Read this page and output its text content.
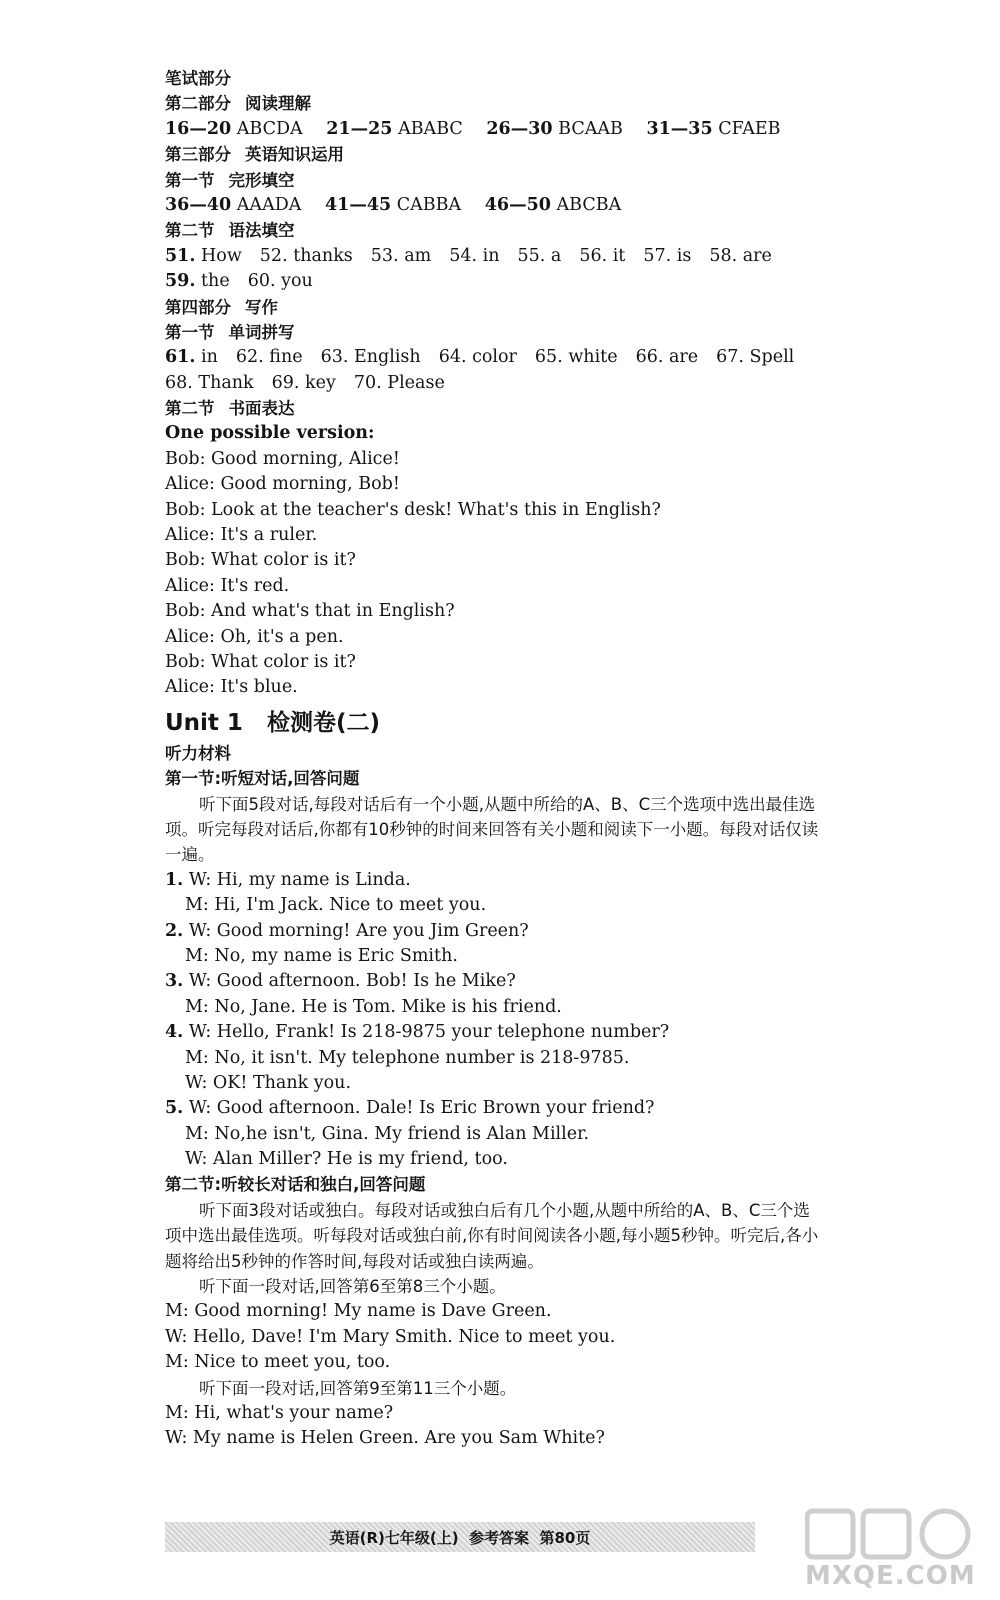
笔试部分
第二部分 阅读理解
16—20 ABCDA 21—25 ABABC 26—30 BCAAB 31—35 CFAEB
第三部分 英语知识运用
第一节 完形填空
36—40 AAADA 41—45 CABBA 46—50 ABCBA
第二节 语法填空
51. How 52. thanks 53. am 54. in 55. a 56. it 57. is 58. are
59. the 60. you
第四部分 写作
第一节 单词拼写
61. in 62. fine 63. English 64. color 65. white 66. are 67. Spell
68. Thank 69. key 70. Please
第二节 书面表达
One possible version:
Bob: Good morning, Alice!
Alice: Good morning, Bob!
Bob: Look at the teacher's desk! What's this in English?
Alice: It's a ruler.
Bob: What color is it?
Alice: It's red.
Bob: And what's that in English?
Alice: Oh, it's a pen.
Bob: What color is it?
Alice: It's blue.
Unit 1   检测卷(二)
听力材料
第一节:听短对话,回答问题
听下面5段对话,每段对话后有一个小题,从题中所给的A、B、C三个选项中选出最佳选项。听完每段对话后,你都有10秒钟的时间来回答有关小题和阅读下一小题。每段对话仅读一遍。
1. W: Hi, my name is Linda.
M: Hi, I'm Jack. Nice to meet you.
2. W: Good morning! Are you Jim Green?
M: No, my name is Eric Smith.
3. W: Good afternoon. Bob! Is he Mike?
M: No, Jane. He is Tom. Mike is his friend.
4. W: Hello, Frank! Is 218-9875 your telephone number?
M: No, it isn't. My telephone number is 218-9785.
W: OK! Thank you.
5. W: Good afternoon. Dale! Is Eric Brown your friend?
M: No,he isn't, Gina. My friend is Alan Miller.
W: Alan Miller? He is my friend, too.
第二节:听较长对话和独白,回答问题
听下面3段对话或独白。每段对话或独白后有几个小题,从题中所给的A、B、C三个选项中选出最佳选项。听每段对话或独白前,你有时间阅读各小题,每小题5秒钟。听完后,各小题将给出5秒钟的作答时间,每段对话或独白读两遍。
听下面一段对话,回答第6至第8三个小题。
M: Good morning! My name is Dave Green.
W: Hello, Dave! I'm Mary Smith. Nice to meet you.
M: Nice to meet you, too.
听下面一段对话,回答第9至第11三个小题。
M: Hi, what's your name?
W: My name is Helen Green. Are you Sam White?
英语(R)七年级(上)  参考答案  第80页
MXQE.COM
